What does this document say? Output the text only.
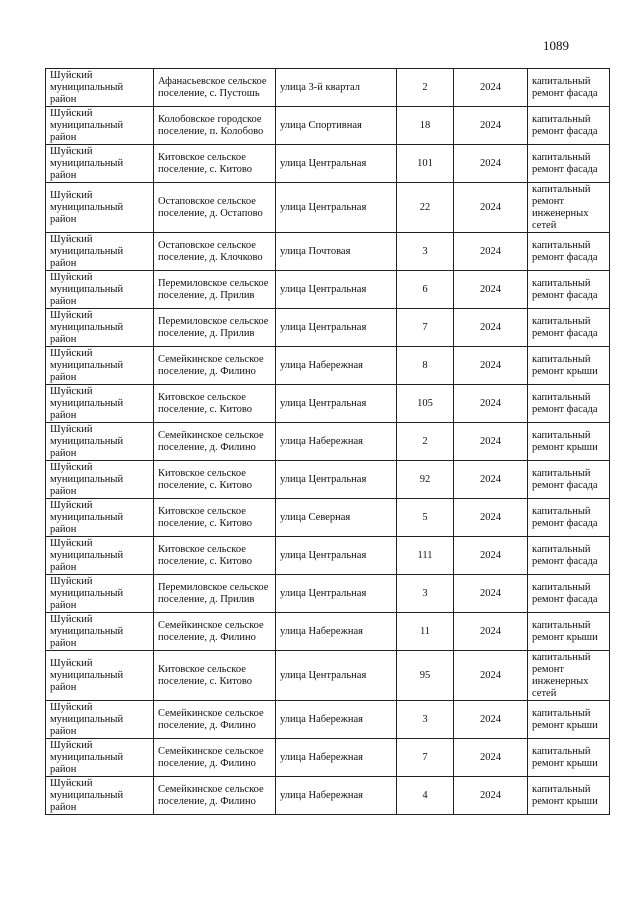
1089
Шуйский муниципальный район	Афанасьевское сельское поселение, с. Пустошь	улица 3-й квартал	2	2024	капитальный ремонт фасада
Шуйский муниципальный район	Колобовское городское поселение, п. Колобово	улица Спортивная	18	2024	капитальный ремонт фасада
Шуйский муниципальный район	Китовское сельское поселение, с. Китово	улица Центральная	101	2024	капитальный ремонт фасада
Шуйский муниципальный район	Остаповское сельское поселение, д. Остапово	улица Центральная	22	2024	капитальный ремонт инженерных сетей
Шуйский муниципальный район	Остаповское сельское поселение, д. Клочково	улица Почтовая	3	2024	капитальный ремонт фасада
Шуйский муниципальный район	Перемиловское сельское поселение, д. Прилив	улица Центральная	6	2024	капитальный ремонт фасада
Шуйский муниципальный район	Перемиловское сельское поселение, д. Прилив	улица Центральная	7	2024	капитальный ремонт фасада
Шуйский муниципальный район	Семейкинское сельское поселение, д. Филино	улица Набережная	8	2024	капитальный ремонт крыши
Шуйский муниципальный район	Китовское сельское поселение, с. Китово	улица Центральная	105	2024	капитальный ремонт фасада
Шуйский муниципальный район	Семейкинское сельское поселение, д. Филино	улица Набережная	2	2024	капитальный ремонт крыши
Шуйский муниципальный район	Китовское сельское поселение, с. Китово	улица Центральная	92	2024	капитальный ремонт фасада
Шуйский муниципальный район	Китовское сельское поселение, с. Китово	улица Северная	5	2024	капитальный ремонт фасада
Шуйский муниципальный район	Китовское сельское поселение, с. Китово	улица Центральная	111	2024	капитальный ремонт фасада
Шуйский муниципальный район	Перемиловское сельское поселение, д. Прилив	улица Центральная	3	2024	капитальный ремонт фасада
Шуйский муниципальный район	Семейкинское сельское поселение, д. Филино	улица Набережная	11	2024	капитальный ремонт крыши
Шуйский муниципальный район	Китовское сельское поселение, с. Китово	улица Центральная	95	2024	капитальный ремонт инженерных сетей
Шуйский муниципальный район	Семейкинское сельское поселение, д. Филино	улица Набережная	3	2024	капитальный ремонт крыши
Шуйский муниципальный район	Семейкинское сельское поселение, д. Филино	улица Набережная	7	2024	капитальный ремонт крыши
Шуйский муниципальный район	Семейкинское сельское поселение, д. Филино	улица Набережная	4	2024	капитальный ремонт крыши
